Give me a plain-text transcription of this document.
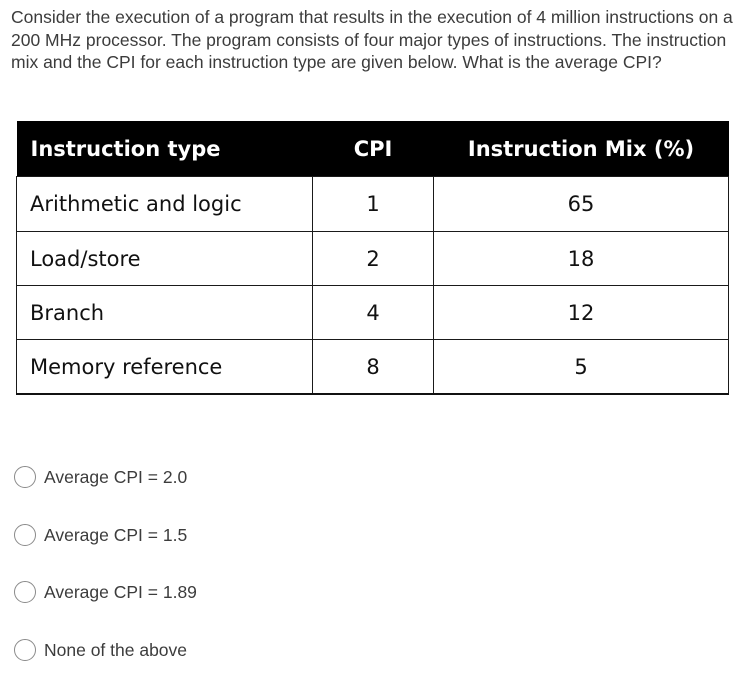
Consider the execution of a program that results in the execution of 4 million instructions on a 200 MHz processor. The program consists of four major types of instructions. The instruction mix and the CPI for each instruction type are given below. What is the average CPI?

Instruction type	CPI	Instruction Mix (%)
Arithmetic and logic	1	65
Load/store	2	18
Branch	4	12
Memory reference	8	5
Average CPI = 2.0
Average CPI = 1.5
Average CPI = 1.89
None of the above
